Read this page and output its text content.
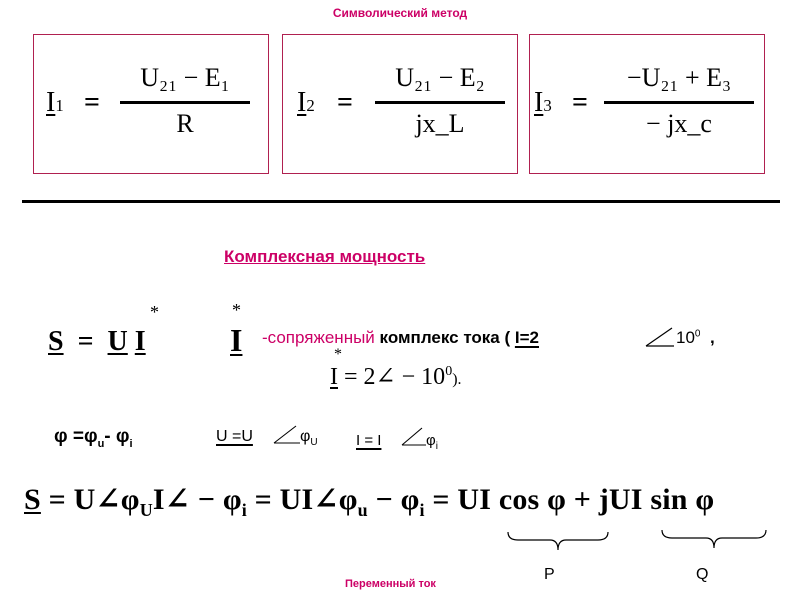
Символический метод
I1 =
U₂₁ − E₁
R
I2 =
U₂₁ − E₂
jx_L
I3 =
−U₂₁ + E₃
− jx_c
Комплексная мощность
S  =  U I
*	*
I -сопряженный комплекс тока ( I=2	$10^0$ ,
*
I = 2∠ − $10^0$).
$\varphi =\varphi_u-$ $\varphi_i$	U =U	$\varphi_U$	I = I	$\varphi_i$
$S = U\angle\varphi_UI\angle - \varphi_i$ = $UI\angle\varphi_u - \varphi_i$ = UI cos φ + jUI sin φ
P	Q
Переменный ток
